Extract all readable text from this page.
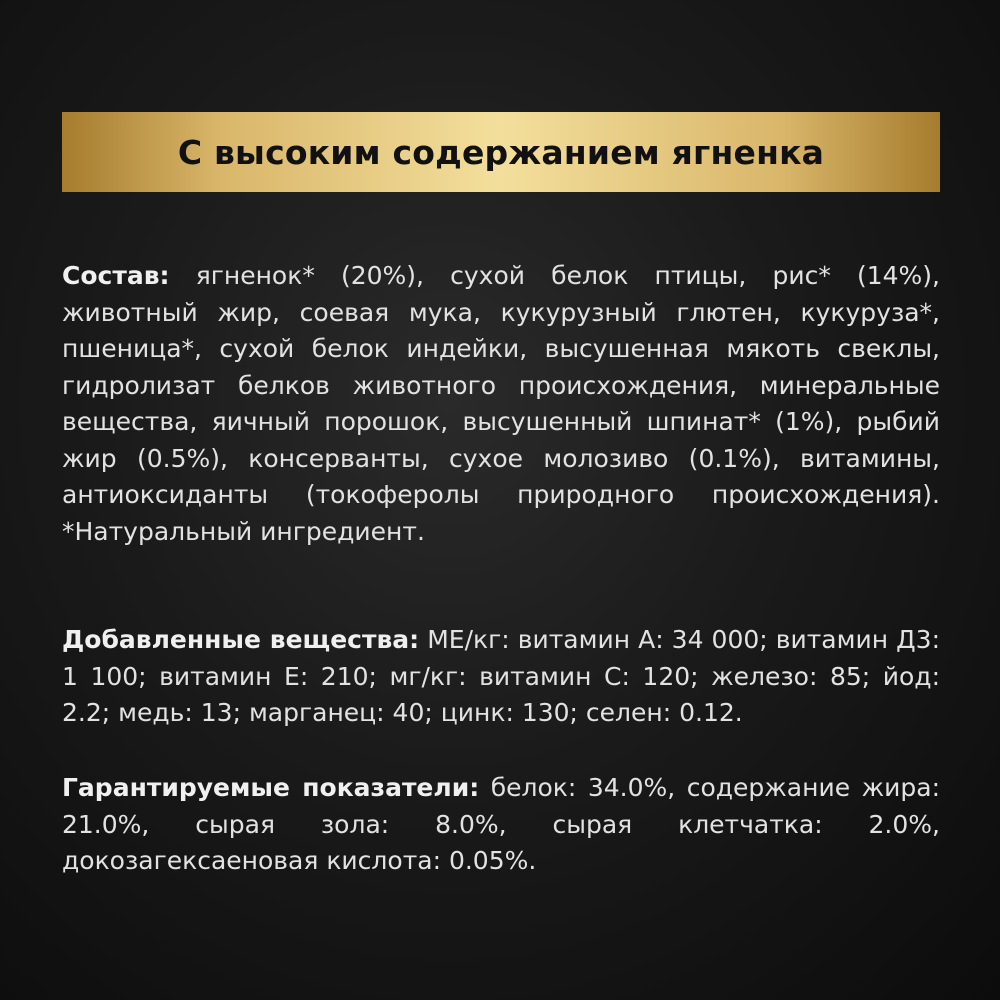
С высоким содержанием ягненка

Состав: ягненок* (20%), сухой белок птицы, рис* (14%), животный жир, соевая мука, кукурузный глютен, кукуруза*, пшеница*, сухой белок индейки, высушенная мякоть свеклы, гидролизат белков животного происхождения, минеральные вещества, яичный порошок, высушенный шпинат* (1%), рыбий жир (0.5%), консерванты, сухое молозиво (0.1%), витамины, антиоксиданты (токоферолы природного происхождения). *Натуральный ингредиент.

Добавленные вещества: МЕ/кг: витамин А: 34 000; витамин Д3: 1 100; витамин Е: 210; мг/кг: витамин С: 120; железо: 85; йод: 2.2; медь: 13; марганец: 40; цинк: 130; селен: 0.12.

Гарантируемые показатели: белок: 34.0%, содержание жира: 21.0%, сырая зола: 8.0%, сырая клетчатка: 2.0%, докозагексаеновая кислота: 0.05%.
